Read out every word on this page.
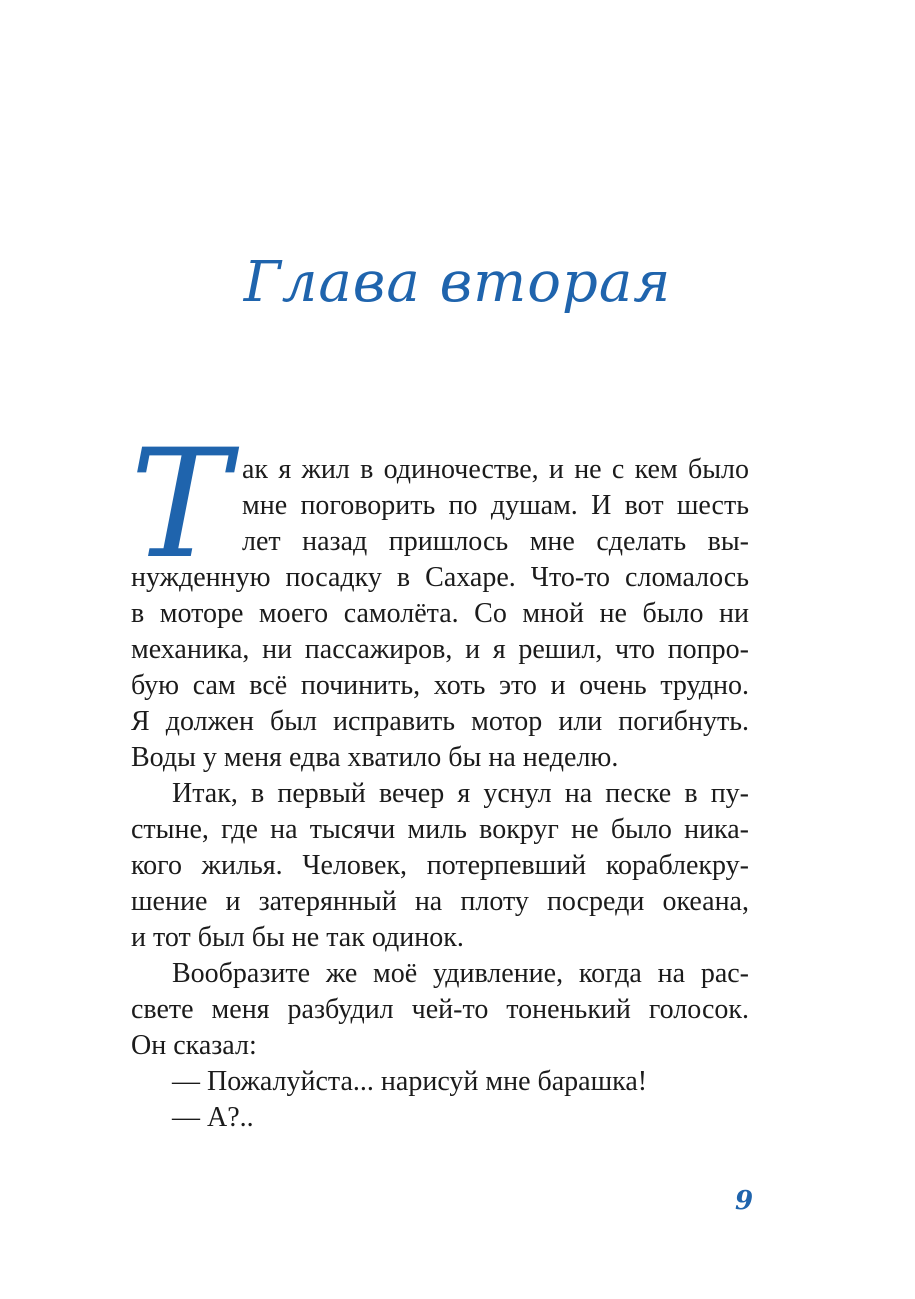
Глава вторая
Т ак я жил в одиночестве, и не с кем было
мне поговорить по душам. И вот шесть
лет назад пришлось мне сделать вы-
нужденную посадку в Сахаре. Что-то сломалось
в моторе моего самолёта. Со мной не было ни
механика, ни пассажиров, и я решил, что попро-
бую сам всё починить, хоть это и очень трудно.
Я должен был исправить мотор или погибнуть.
Воды у меня едва хватило бы на неделю.
Итак, в первый вечер я уснул на песке в пу-
стыне, где на тысячи миль вокруг не было ника-
кого жилья. Человек, потерпевший кораблекру-
шение и затерянный на плоту посреди океана,
и тот был бы не так одинок.
Вообразите же моё удивление, когда на рас-
свете меня разбудил чей-то тоненький голосок.
Он сказал:
— Пожалуйста... нарисуй мне барашка!
— А?..
9
